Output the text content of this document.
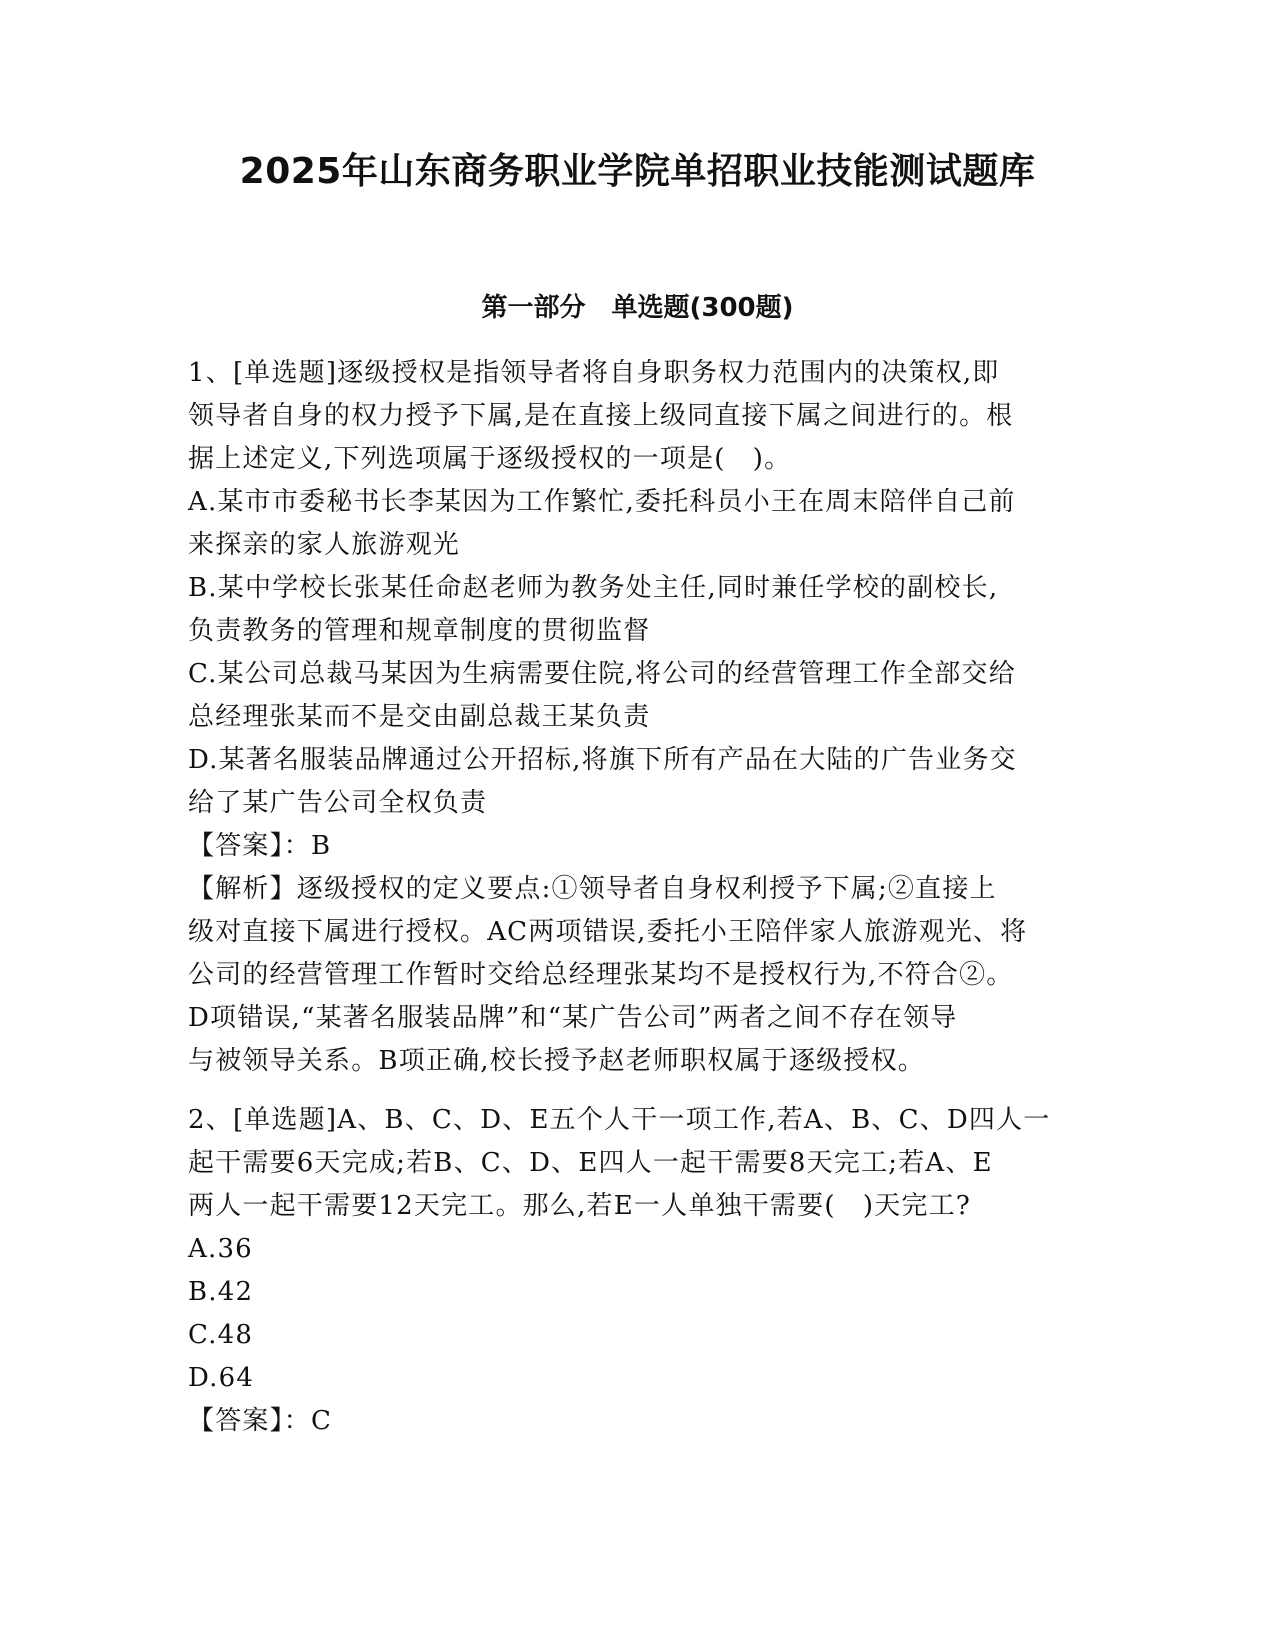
2025年山东商务职业学院单招职业技能测试题库
第一部分　单选题(300题)
1、[单选题]逐级授权是指领导者将自身职务权力范围内的决策权,即
领导者自身的权力授予下属,是在直接上级同直接下属之间进行的。根
据上述定义,下列选项属于逐级授权的一项是(　)。
A.某市市委秘书长李某因为工作繁忙,委托科员小王在周末陪伴自己前
来探亲的家人旅游观光
B.某中学校长张某任命赵老师为教务处主任,同时兼任学校的副校长,
负责教务的管理和规章制度的贯彻监督
C.某公司总裁马某因为生病需要住院,将公司的经营管理工作全部交给
总经理张某而不是交由副总裁王某负责
D.某著名服装品牌通过公开招标,将旗下所有产品在大陆的广告业务交
给了某广告公司全权负责
【答案】：B
【解析】逐级授权的定义要点:①领导者自身权利授予下属;②直接上
级对直接下属进行授权。AC两项错误,委托小王陪伴家人旅游观光、将
公司的经营管理工作暂时交给总经理张某均不是授权行为,不符合②。
D项错误,“某著名服装品牌”和“某广告公司”两者之间不存在领导
与被领导关系。B项正确,校长授予赵老师职权属于逐级授权。
2、[单选题]A、B、C、D、E五个人干一项工作,若A、B、C、D四人一
起干需要6天完成;若B、C、D、E四人一起干需要8天完工;若A、E
两人一起干需要12天完工。那么,若E一人单独干需要(　)天完工?
A.36
B.42
C.48
D.64
【答案】：C
